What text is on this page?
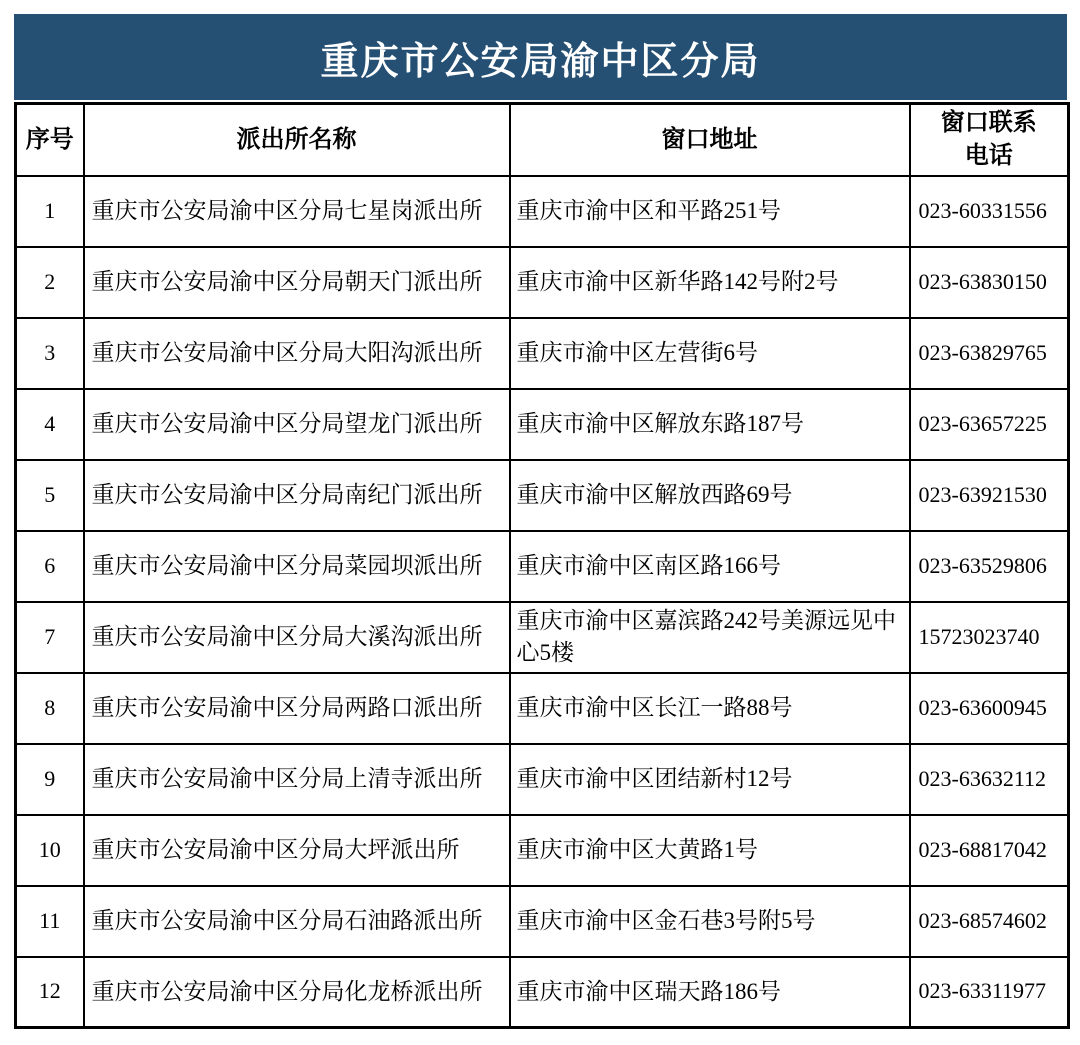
重庆市公安局渝中区分局
序号	派出所名称	窗口地址	窗口联系电话
1	重庆市公安局渝中区分局七星岗派出所	重庆市渝中区和平路251号	023-60331556
2	重庆市公安局渝中区分局朝天门派出所	重庆市渝中区新华路142号附2号	023-63830150
3	重庆市公安局渝中区分局大阳沟派出所	重庆市渝中区左营街6号	023-63829765
4	重庆市公安局渝中区分局望龙门派出所	重庆市渝中区解放东路187号	023-63657225
5	重庆市公安局渝中区分局南纪门派出所	重庆市渝中区解放西路69号	023-63921530
6	重庆市公安局渝中区分局菜园坝派出所	重庆市渝中区南区路166号	023-63529806
7	重庆市公安局渝中区分局大溪沟派出所	重庆市渝中区嘉滨路242号美源远见中心5楼	15723023740
8	重庆市公安局渝中区分局两路口派出所	重庆市渝中区长江一路88号	023-63600945
9	重庆市公安局渝中区分局上清寺派出所	重庆市渝中区团结新村12号	023-63632112
10	重庆市公安局渝中区分局大坪派出所	重庆市渝中区大黄路1号	023-68817042
11	重庆市公安局渝中区分局石油路派出所	重庆市渝中区金石巷3号附5号	023-68574602
12	重庆市公安局渝中区分局化龙桥派出所	重庆市渝中区瑞天路186号	023-63311977
